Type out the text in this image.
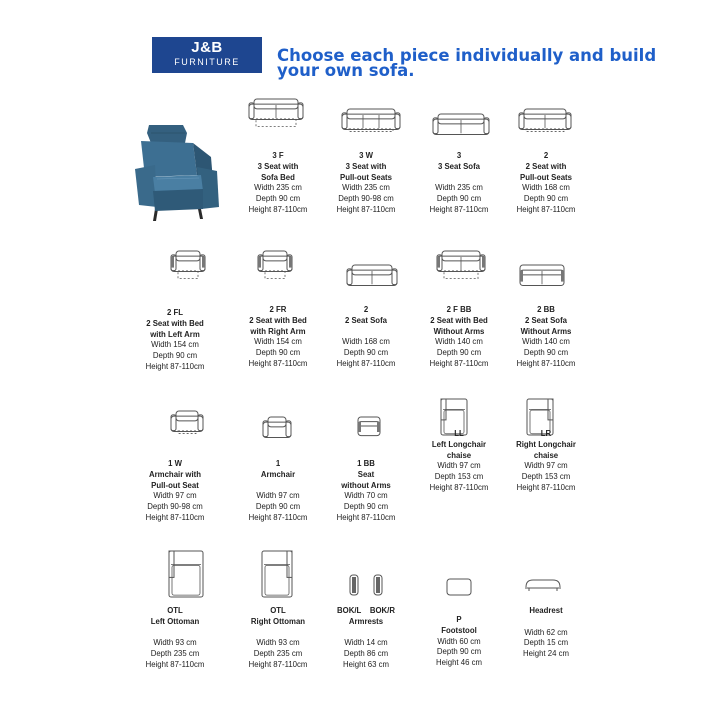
J&B
FURNITURE	Choose each piece individually and build your own sofa.
3 F
3 Seat with
Sofa Bed
Width 235 cm
Depth 90 cm
Height 87-110cm
3 W
3 Seat with
Pull-out Seats
Width 235 cm
Depth 90-98 cm
Height 87-110cm
3
3 Seat Sofa
Width 235 cm
Depth 90 cm
Height 87-110cm
2
2 Seat with
Pull-out Seats
Width 168 cm
Depth 90 cm
Height 87-110cm
2 FL
2 Seat with Bed
with Left Arm
Width 154 cm
Depth 90 cm
Height 87-110cm
2 FR
2 Seat with Bed
with Right Arm
Width 154 cm
Depth 90 cm
Height 87-110cm
2
2 Seat Sofa
Width 168 cm
Depth 90 cm
Height 87-110cm
2 F BB
2 Seat with Bed
Without Arms
Width 140 cm
Depth 90 cm
Height 87-110cm
2 BB
2 Seat Sofa
Without Arms
Width 140 cm
Depth 90 cm
Height 87-110cm
1 W
Armchair with
Pull-out Seat
Width 97 cm
Depth 90-98 cm
Height 87-110cm
1
Armchair
Width 97 cm
Depth 90 cm
Height 87-110cm
1 BB
Seat
without Arms
Width 70 cm
Depth 90 cm
Height 87-110cm
LL
Left Longchair
chaise
Width 97 cm
Depth 153 cm
Height 87-110cm
LR
Right Longchair
chaise
Width 97 cm
Depth 153 cm
Height 87-110cm
OTL
Left Ottoman
Width 93 cm
Depth 235 cm
Height 87-110cm
OTL
Right Ottoman
Width 93 cm
Depth 235 cm
Height 87-110cm
BOK/L    BOK/R
Armrests
Width 14 cm
Depth 86 cm
Height 63 cm
P
Footstool
Width 60 cm
Depth 90 cm
Height 46 cm
Headrest
Width 62 cm
Depth 15 cm
Height 24 cm
